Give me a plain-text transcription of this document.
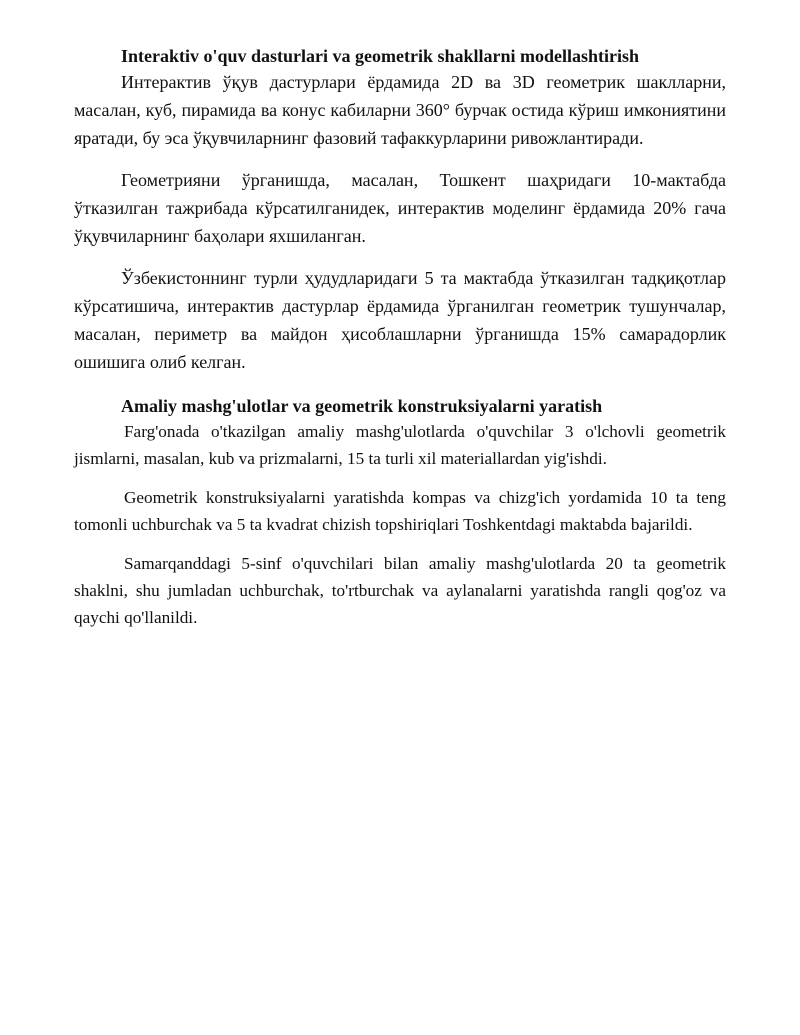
Interaktiv o'quv dasturlari va geometrik shakllarni modellashtirish

Интерактив ўқув дастурлари ёрдамида 2D ва 3D геометрик шаклларни, масалан, куб, пирамида ва конус кабиларни 360° бурчак остида кўриш имкониятини яратади, бу эса ўқувчиларнинг фазовий тафаккурларини ривожлантиради.

Геометрияни ўрганишда, масалан, Тошкент шаҳридаги 10-мактабда ўтказилган тажрибада кўрсатилганидек, интерактив моделинг ёрдамида 20% гача ўқувчиларнинг баҳолари яхшиланган.

Ўзбекистоннинг турли ҳудудларидаги 5 та мактабда ўтказилган тадқиқотлар кўрсатишича, интерактив дастурлар ёрдамида ўрганилган геометрик тушунчалар, масалан, периметр ва майдон ҳисоблашларни ўрганишда 15% самарадорлик ошишига олиб келган.

Amaliy mashg'ulotlar va geometrik konstruksiyalarni yaratish

Farg'onada o'tkazilgan amaliy mashg'ulotlarda o'quvchilar 3 o'lchovli geometrik jismlarni, masalan, kub va prizmalarni, 15 ta turli xil materiallardan yig'ishdi.

Geometrik konstruksiyalarni yaratishda kompas va chizg'ich yordamida 10 ta teng tomonli uchburchak va 5 ta kvadrat chizish topshiriqlari Toshkentdagi maktabda bajarildi.

Samarqanddagi 5-sinf o'quvchilari bilan amaliy mashg'ulotlarda 20 ta geometrik shaklni, shu jumladan uchburchak, to'rtburchak va aylanalarni yaratishda rangli qog'oz va qaychi qo'llanildi.
